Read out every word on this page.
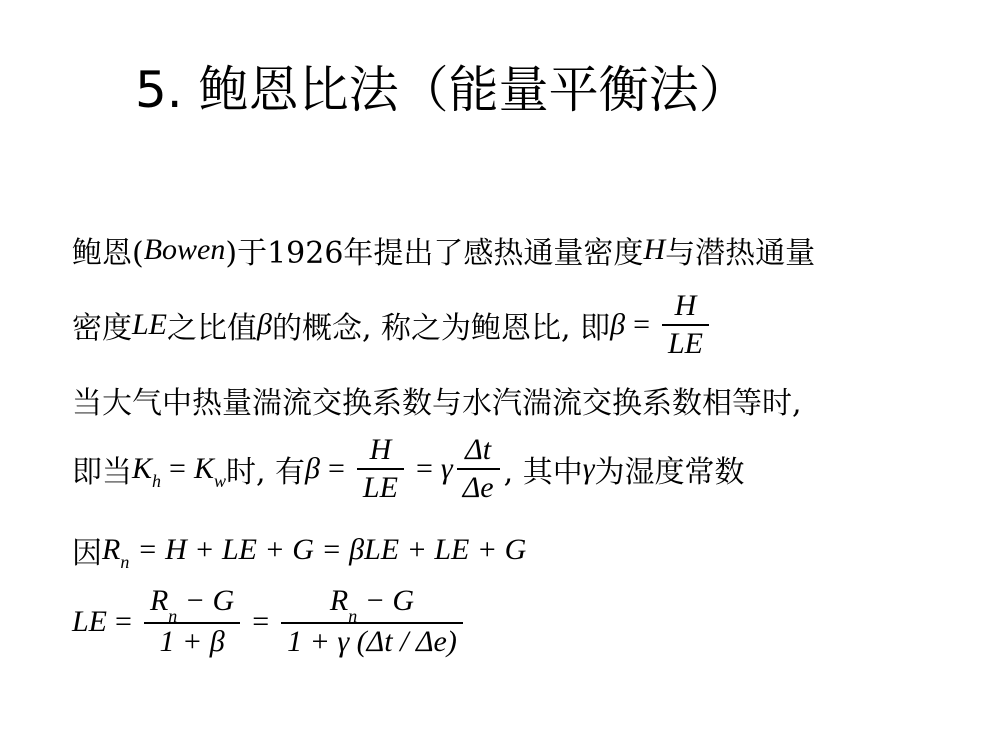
5. 鲍恩比法（能量平衡法）
鲍恩( Bowen )于1926年提出了感热通量密度 H 与潜热通量
密度 LE 之比值 β 的概念, 称之为鲍恩比, 即 $\beta = \frac{H}{LE}$
当大气中热量湍流交换系数与水汽湍流交换系数相等时,
即当 K h = K w 时, 有 $\beta = \frac{H}{LE} = \gamma \frac{\Delta t}{\Delta e}$ , 其中 γ 为湿度常数
因 R n = H + LE + G = βLE + LE + G
LE = $\frac{R_n - G}{1 + \beta} = \frac{R_n - G}{1 + \gamma (\Delta t / \Delta e)}$
